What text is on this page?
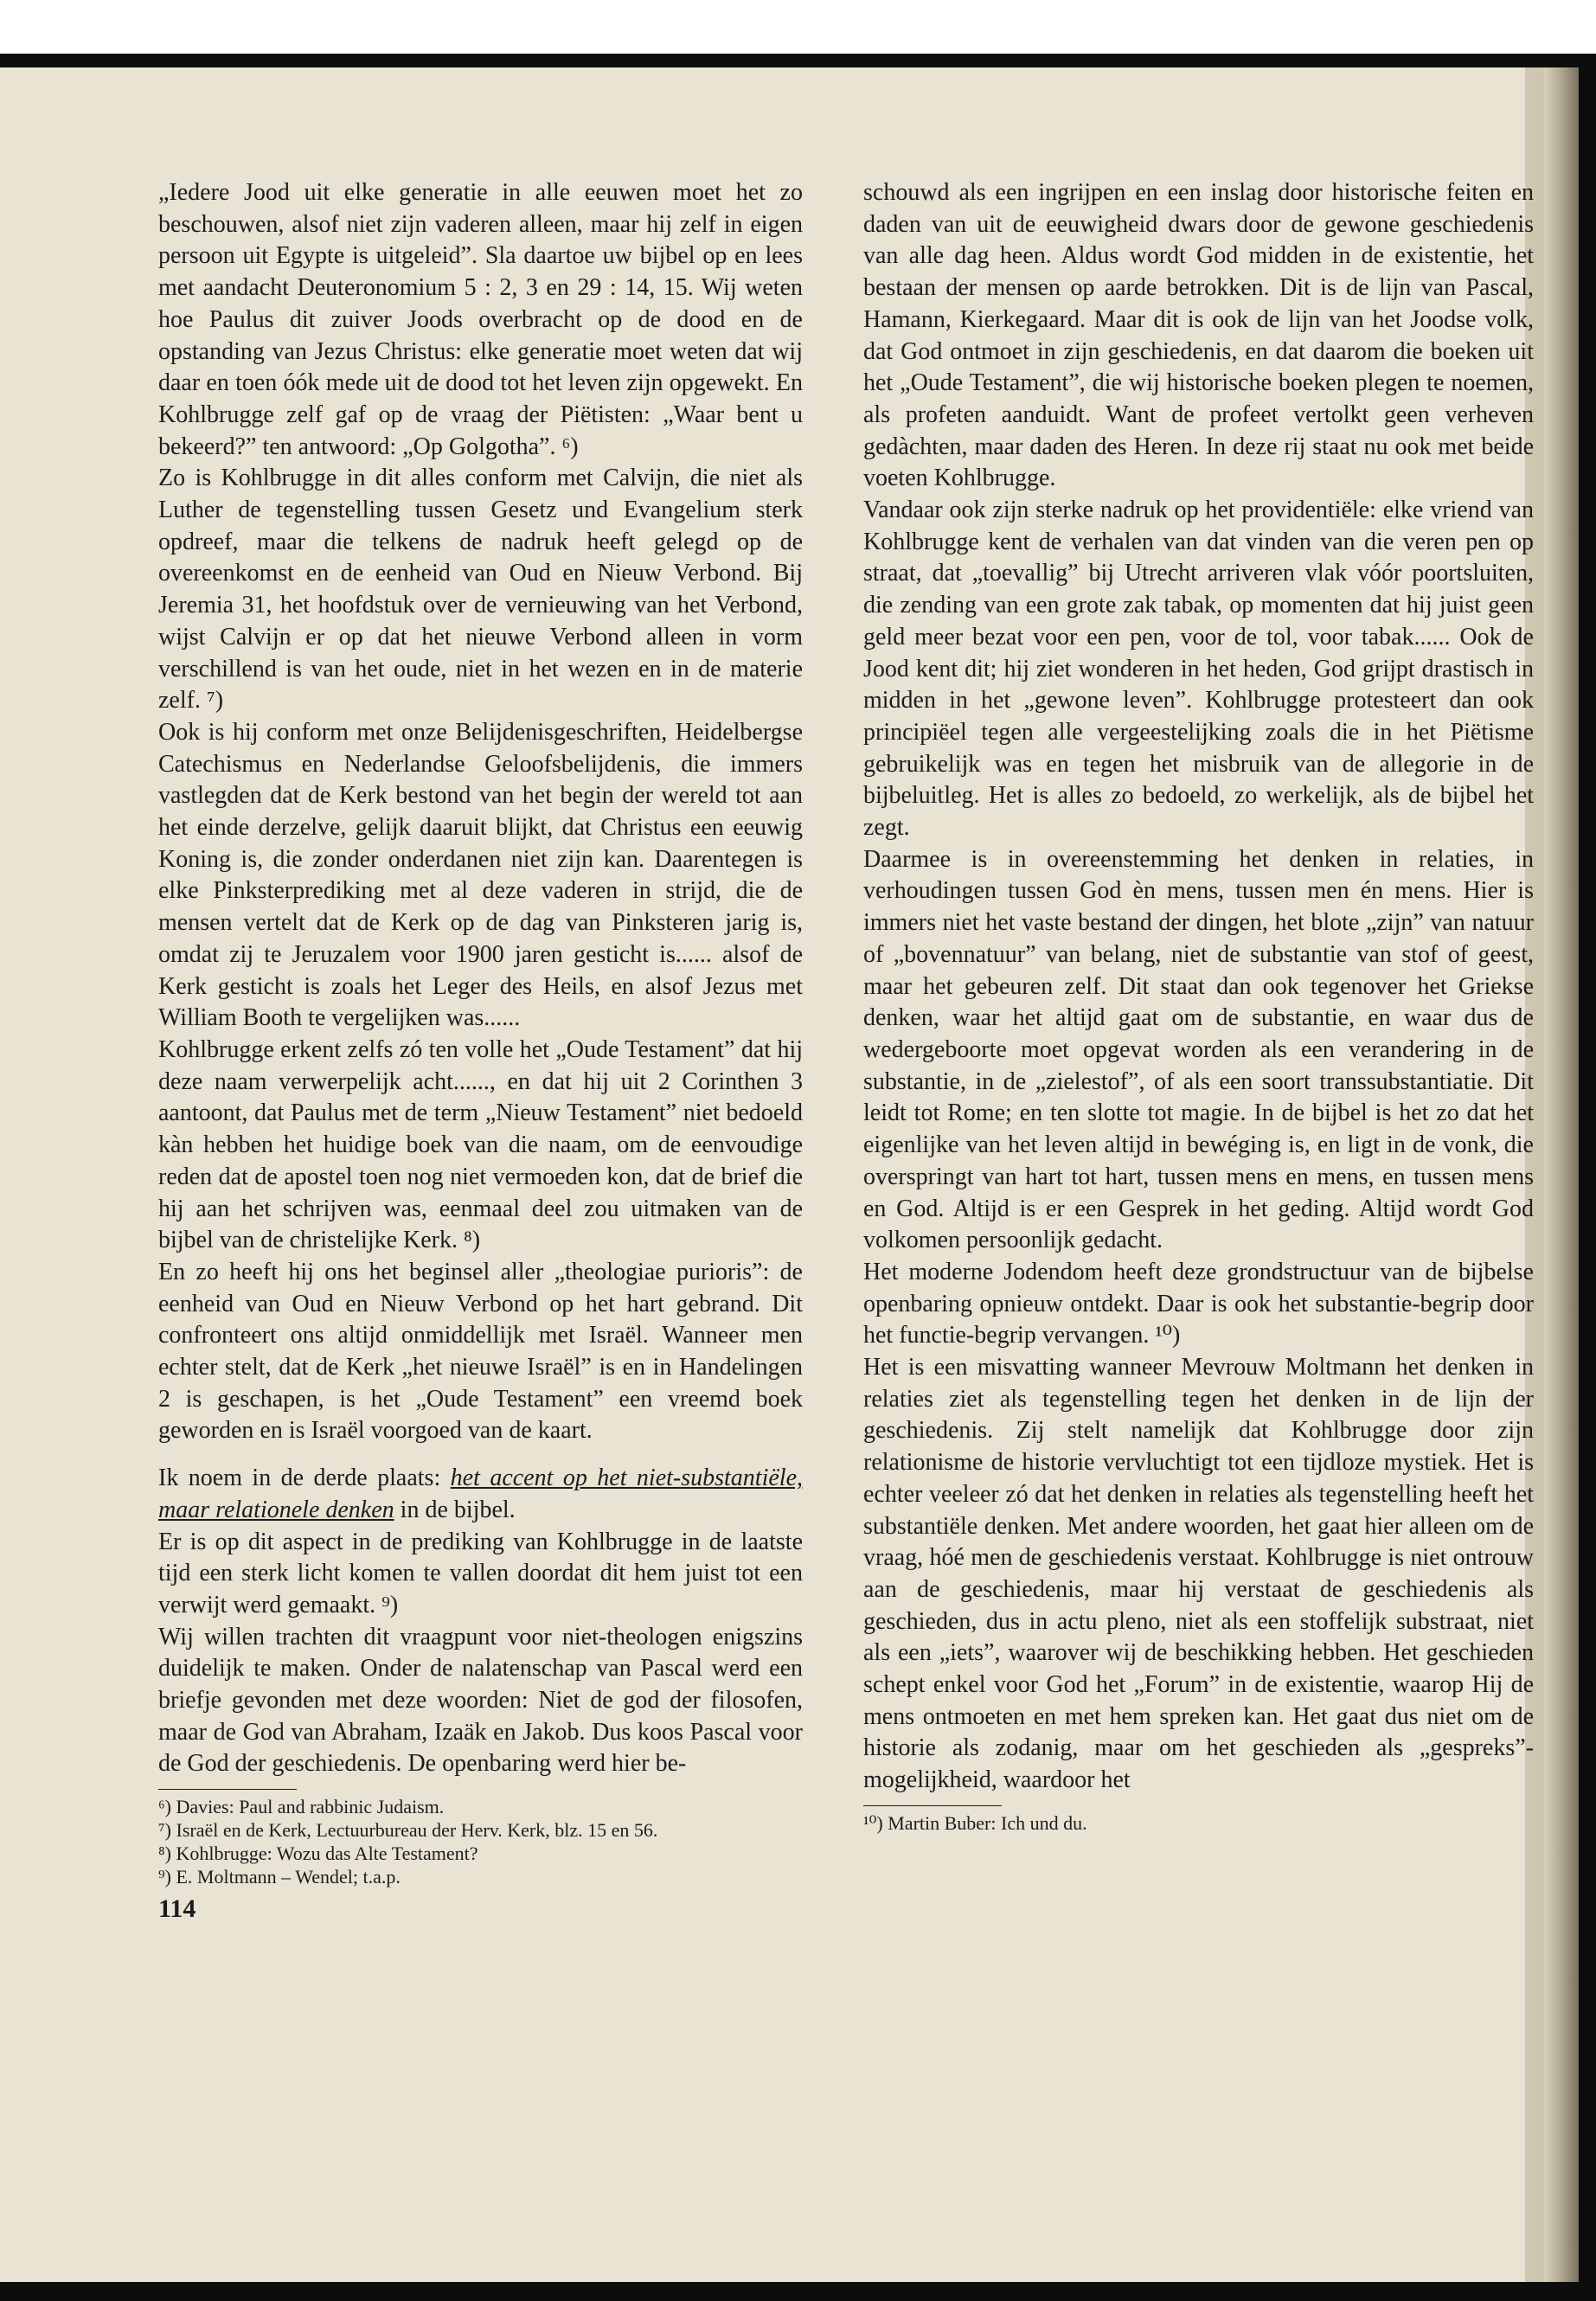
„Iedere Jood uit elke generatie in alle eeuwen moet het zo beschouwen, alsof niet zijn vaderen alleen, maar hij zelf in eigen persoon uit Egypte is uitgeleid”. Sla daartoe uw bijbel op en lees met aandacht Deuteronomium 5 : 2, 3 en 29 : 14, 15. Wij weten hoe Paulus dit zuiver Joods overbracht op de dood en de opstanding van Jezus Christus: elke generatie moet weten dat wij daar en toen óók mede uit de dood tot het leven zijn opgewekt. En Kohlbrugge zelf gaf op de vraag der Piëtisten: „Waar bent u bekeerd?” ten antwoord: „Op Golgotha”. ⁶)

Zo is Kohlbrugge in dit alles conform met Calvijn, die niet als Luther de tegenstelling tussen Gesetz und Evangelium sterk opdreef, maar die telkens de nadruk heeft gelegd op de overeenkomst en de eenheid van Oud en Nieuw Verbond. Bij Jeremia 31, het hoofdstuk over de vernieuwing van het Verbond, wijst Calvijn er op dat het nieuwe Verbond alleen in vorm verschillend is van het oude, niet in het wezen en in de materie zelf. ⁷)

Ook is hij conform met onze Belijdenisgeschriften, Heidelbergse Catechismus en Nederlandse Geloofsbelijdenis, die immers vastlegden dat de Kerk bestond van het begin der wereld tot aan het einde derzelve, gelijk daaruit blijkt, dat Christus een eeuwig Koning is, die zonder onderdanen niet zijn kan. Daarentegen is elke Pinksterprediking met al deze vaderen in strijd, die de mensen vertelt dat de Kerk op de dag van Pinksteren jarig is, omdat zij te Jeruzalem voor 1900 jaren gesticht is...... alsof de Kerk gesticht is zoals het Leger des Heils, en alsof Jezus met William Booth te vergelijken was......

Kohlbrugge erkent zelfs zó ten volle het „Oude Testament” dat hij deze naam verwerpelijk acht......, en dat hij uit 2 Corinthen 3 aantoont, dat Paulus met de term „Nieuw Testament” niet bedoeld kàn hebben het huidige boek van die naam, om de eenvoudige reden dat de apostel toen nog niet vermoeden kon, dat de brief die hij aan het schrijven was, eenmaal deel zou uitmaken van de bijbel van de christelijke Kerk. ⁸)

En zo heeft hij ons het beginsel aller „theologiae purioris”: de eenheid van Oud en Nieuw Verbond op het hart gebrand. Dit confronteert ons altijd onmiddellijk met Israël. Wanneer men echter stelt, dat de Kerk „het nieuwe Israël” is en in Handelingen 2 is geschapen, is het „Oude Testament” een vreemd boek geworden en is Israël voorgoed van de kaart.

Ik noem in de derde plaats: het accent op het niet-substantiële, maar relationele denken in de bijbel.

Er is op dit aspect in de prediking van Kohlbrugge in de laatste tijd een sterk licht komen te vallen doordat dit hem juist tot een verwijt werd gemaakt. ⁹)

Wij willen trachten dit vraagpunt voor niet-theologen enigszins duidelijk te maken. Onder de nalatenschap van Pascal werd een briefje gevonden met deze woorden: Niet de god der filosofen, maar de God van Abraham, Izaäk en Jakob. Dus koos Pascal voor de God der geschiedenis. De openbaring werd hier be-

⁶) Davies: Paul and rabbinic Judaism.
⁷) Israël en de Kerk, Lectuurbureau der Herv. Kerk, blz. 15 en 56.
⁸) Kohlbrugge: Wozu das Alte Testament?
⁹) E. Moltmann – Wendel; t.a.p.
114

schouwd als een ingrijpen en een inslag door historische feiten en daden van uit de eeuwigheid dwars door de gewone geschiedenis van alle dag heen. Aldus wordt God midden in de existentie, het bestaan der mensen op aarde betrokken. Dit is de lijn van Pascal, Hamann, Kierkegaard. Maar dit is ook de lijn van het Joodse volk, dat God ontmoet in zijn geschiedenis, en dat daarom die boeken uit het „Oude Testament”, die wij historische boeken plegen te noemen, als profeten aanduidt. Want de profeet vertolkt geen verheven gedàchten, maar daden des Heren. In deze rij staat nu ook met beide voeten Kohlbrugge.

Vandaar ook zijn sterke nadruk op het providentiële: elke vriend van Kohlbrugge kent de verhalen van dat vinden van die veren pen op straat, dat „toevallig” bij Utrecht arriveren vlak vóór poortsluiten, die zending van een grote zak tabak, op momenten dat hij juist geen geld meer bezat voor een pen, voor de tol, voor tabak...... Ook de Jood kent dit; hij ziet wonderen in het heden, God grijpt drastisch in midden in het „gewone leven”. Kohlbrugge protesteert dan ook principiëel tegen alle vergeestelijking zoals die in het Piëtisme gebruikelijk was en tegen het misbruik van de allegorie in de bijbeluitleg. Het is alles zo bedoeld, zo werkelijk, als de bijbel het zegt.

Daarmee is in overeenstemming het denken in relaties, in verhoudingen tussen God èn mens, tussen men én mens. Hier is immers niet het vaste bestand der dingen, het blote „zijn” van natuur of „bovennatuur” van belang, niet de substantie van stof of geest, maar het gebeuren zelf. Dit staat dan ook tegenover het Griekse denken, waar het altijd gaat om de substantie, en waar dus de wedergeboorte moet opgevat worden als een verandering in de substantie, in de „zielestof”, of als een soort transsubstantiatie. Dit leidt tot Rome; en ten slotte tot magie. In de bijbel is het zo dat het eigenlijke van het leven altijd in bewéging is, en ligt in de vonk, die overspringt van hart tot hart, tussen mens en mens, en tussen mens en God. Altijd is er een Gesprek in het geding. Altijd wordt God volkomen persoonlijk gedacht.

Het moderne Jodendom heeft deze grondstructuur van de bijbelse openbaring opnieuw ontdekt. Daar is ook het substantie-begrip door het functie-begrip vervangen. ¹⁰)

Het is een misvatting wanneer Mevrouw Moltmann het denken in relaties ziet als tegenstelling tegen het denken in de lijn der geschiedenis. Zij stelt namelijk dat Kohlbrugge door zijn relationisme de historie vervluchtigt tot een tijdloze mystiek. Het is echter veeleer zó dat het denken in relaties als tegenstelling heeft het substantiële denken. Met andere woorden, het gaat hier alleen om de vraag, hóé men de geschiedenis verstaat. Kohlbrugge is niet ontrouw aan de geschiedenis, maar hij verstaat de geschiedenis als geschieden, dus in actu pleno, niet als een stoffelijk substraat, niet als een „iets”, waarover wij de beschikking hebben. Het geschieden schept enkel voor God het „Forum” in de existentie, waarop Hij de mens ontmoeten en met hem spreken kan. Het gaat dus niet om de historie als zodanig, maar om het geschieden als „gespreks”-mogelijkheid, waardoor het

¹⁰) Martin Buber: Ich und du.
